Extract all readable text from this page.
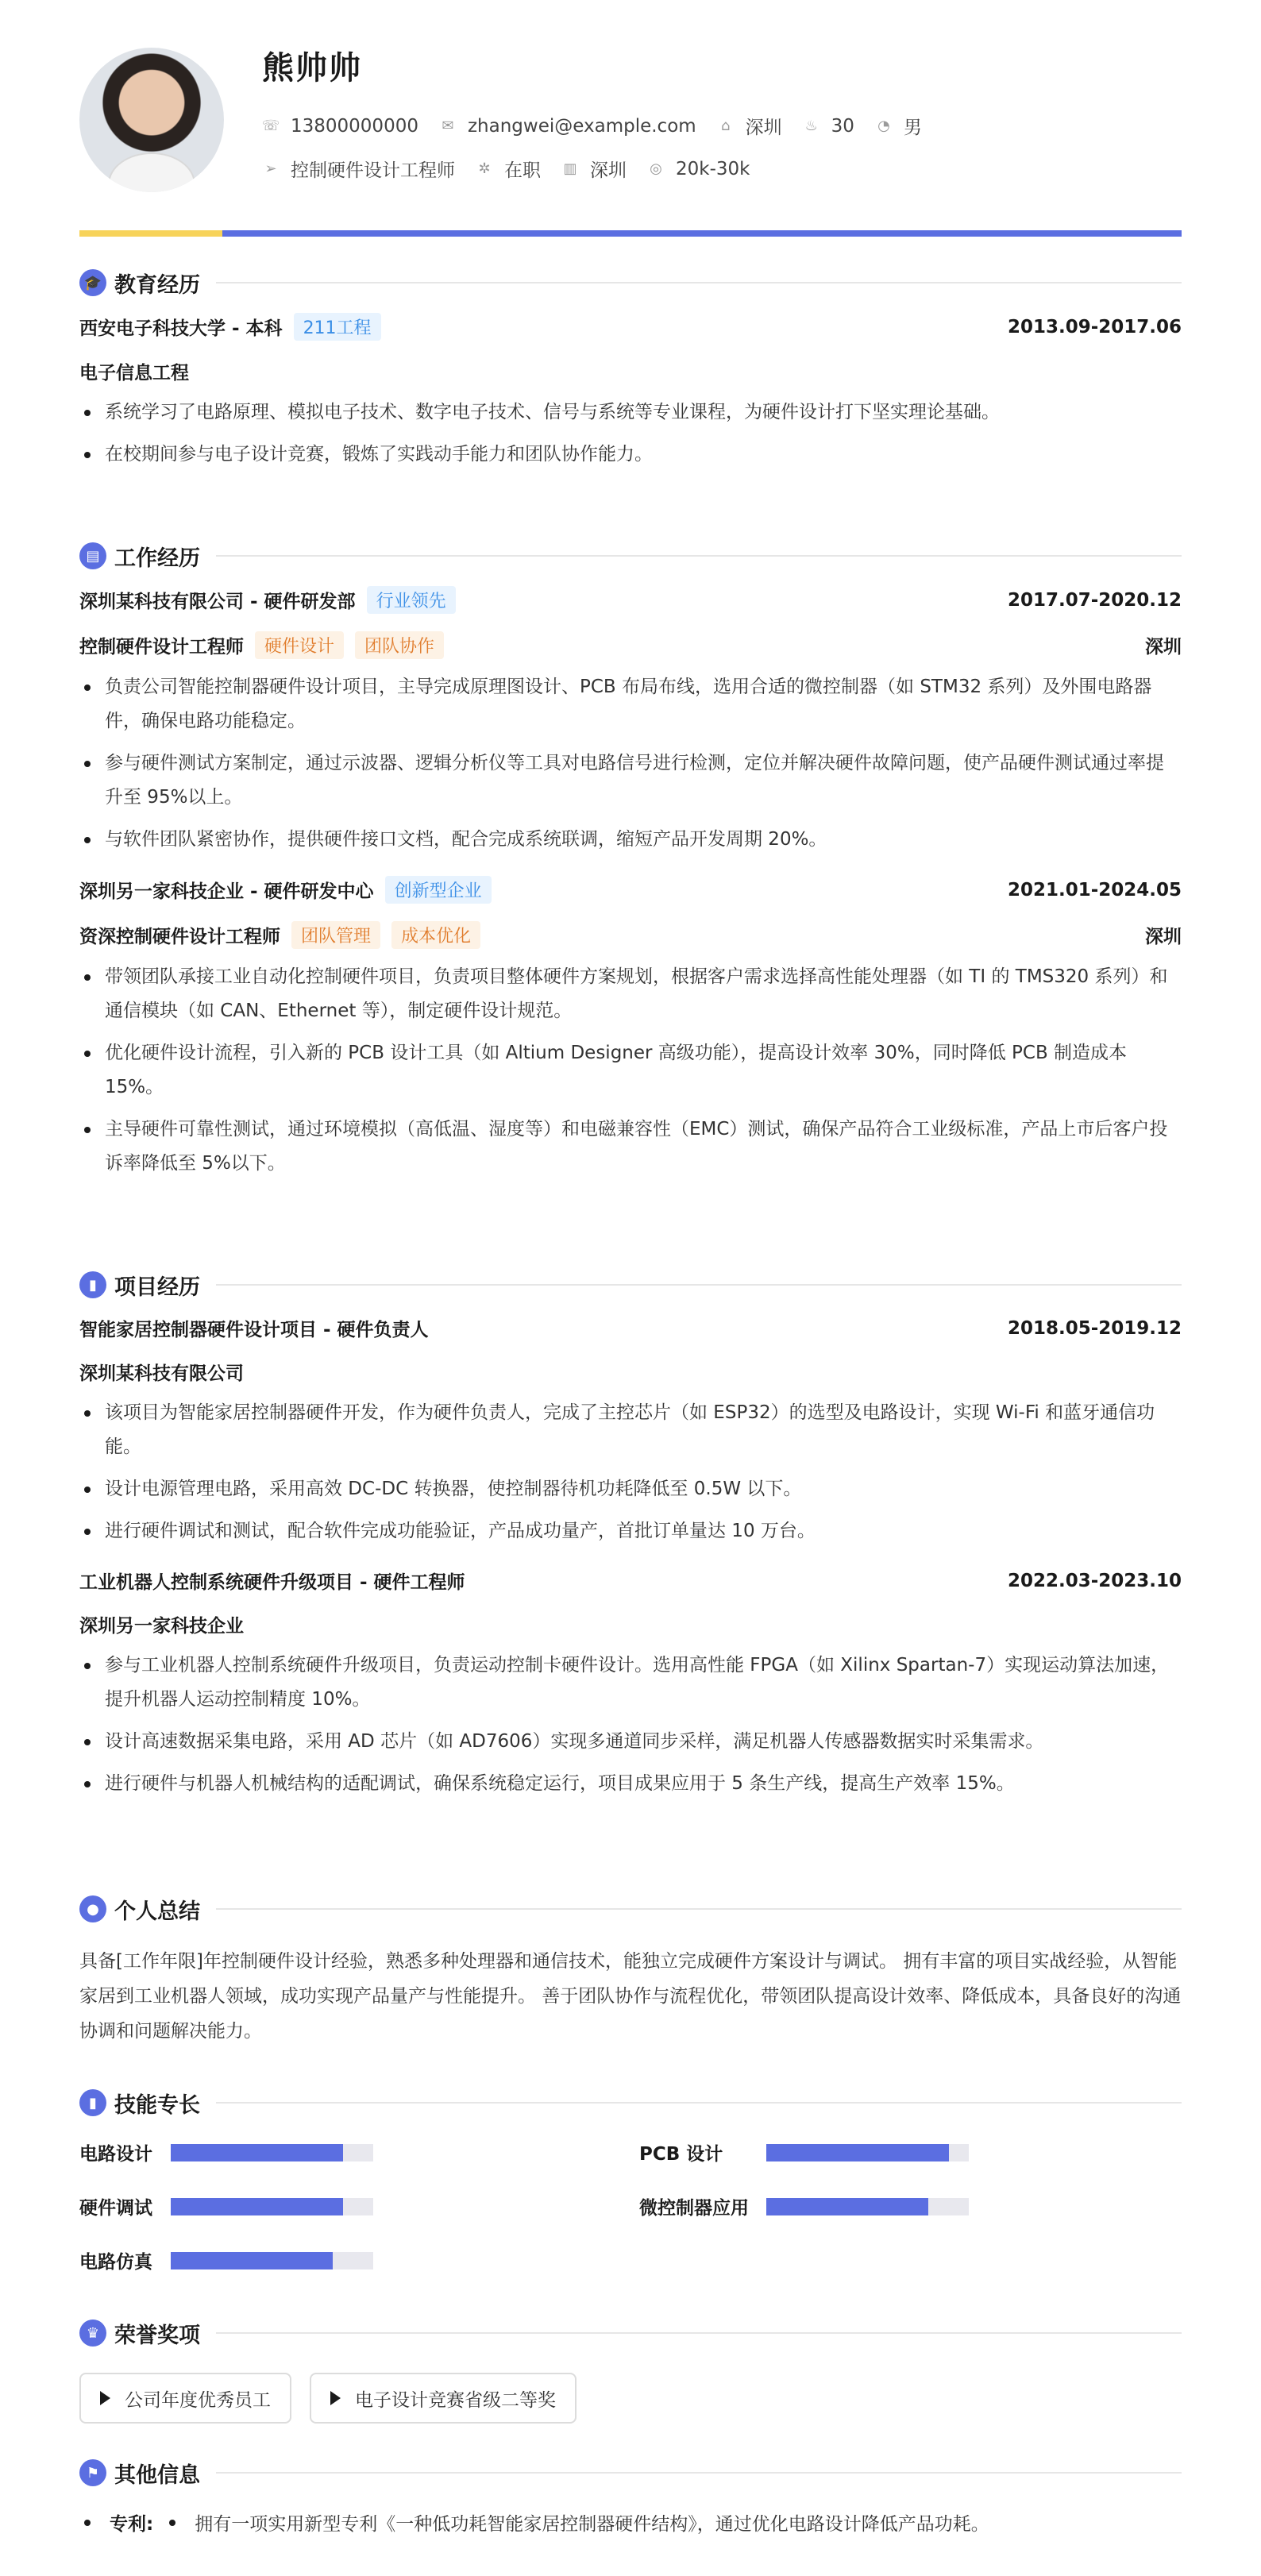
熊帅帅
☏ 13800000000 ✉ zhangwei@example.com ⌂ 深圳 ♨ 30 ◔ 男
➢ 控制硬件设计工程师 ✲ 在职 ▥ 深圳 ◎ 20k-30k
🎓 教育经历
西安电子科技大学 - 本科	211工程	2013.09-2017.06
电子信息工程
系统学习了电路原理、模拟电子技术、数字电子技术、信号与系统等专业课程，为硬件设计打下坚实理论基础。
在校期间参与电子设计竞赛，锻炼了实践动手能力和团队协作能力。
▤ 工作经历
深圳某科技有限公司 - 硬件研发部	行业领先	2017.07-2020.12
控制硬件设计工程师	硬件设计	团队协作	深圳
负责公司智能控制器硬件设计项目，主导完成原理图设计、PCB 布局布线，选用合适的微控制器（如 STM32 系列）及外围电路器件，确保电路功能稳定。
参与硬件测试方案制定，通过示波器、逻辑分析仪等工具对电路信号进行检测，定位并解决硬件故障问题，使产品硬件测试通过率提升至 95%以上。
与软件团队紧密协作，提供硬件接口文档，配合完成系统联调，缩短产品开发周期 20%。
深圳另一家科技企业 - 硬件研发中心	创新型企业	2021.01-2024.05
资深控制硬件设计工程师	团队管理	成本优化	深圳
带领团队承接工业自动化控制硬件项目，负责项目整体硬件方案规划，根据客户需求选择高性能处理器（如 TI 的 TMS320 系列）和通信模块（如 CAN、Ethernet 等），制定硬件设计规范。
优化硬件设计流程，引入新的 PCB 设计工具（如 Altium Designer 高级功能），提高设计效率 30%，同时降低 PCB 制造成本 15%。
主导硬件可靠性测试，通过环境模拟（高低温、湿度等）和电磁兼容性（EMC）测试，确保产品符合工业级标准，产品上市后客户投诉率降低至 5%以下。
▮ 项目经历
智能家居控制器硬件设计项目 - 硬件负责人	2018.05-2019.12
深圳某科技有限公司
该项目为智能家居控制器硬件开发，作为硬件负责人，完成了主控芯片（如 ESP32）的选型及电路设计，实现 Wi-Fi 和蓝牙通信功能。
设计电源管理电路，采用高效 DC-DC 转换器，使控制器待机功耗降低至 0.5W 以下。
进行硬件调试和测试，配合软件完成功能验证，产品成功量产，首批订单量达 10 万台。
工业机器人控制系统硬件升级项目 - 硬件工程师	2022.03-2023.10
深圳另一家科技企业
参与工业机器人控制系统硬件升级项目，负责运动控制卡硬件设计。选用高性能 FPGA（如 Xilinx Spartan-7）实现运动算法加速，提升机器人运动控制精度 10%。
设计高速数据采集电路，采用 AD 芯片（如 AD7606）实现多通道同步采样，满足机器人传感器数据实时采集需求。
进行硬件与机器人机械结构的适配调试，确保系统稳定运行，项目成果应用于 5 条生产线，提高生产效率 15%。
● 个人总结
具备[工作年限]年控制硬件设计经验，熟悉多种处理器和通信技术，能独立完成硬件方案设计与调试。 拥有丰富的项目实战经验，从智能家居到工业机器人领域，成功实现产品量产与性能提升。 善于团队协作与流程优化，带领团队提高设计效率、降低成本，具备良好的沟通协调和问题解决能力。
▮ 技能专长
电路设计	PCB 设计
硬件调试	微控制器应用
电路仿真
♛ 荣誉奖项
公司年度优秀员工	电子设计竞赛省级二等奖
⚑ 其他信息
专利: 拥有一项实用新型专利《一种低功耗智能家居控制器硬件结构》，通过优化电路设计降低产品功耗。
